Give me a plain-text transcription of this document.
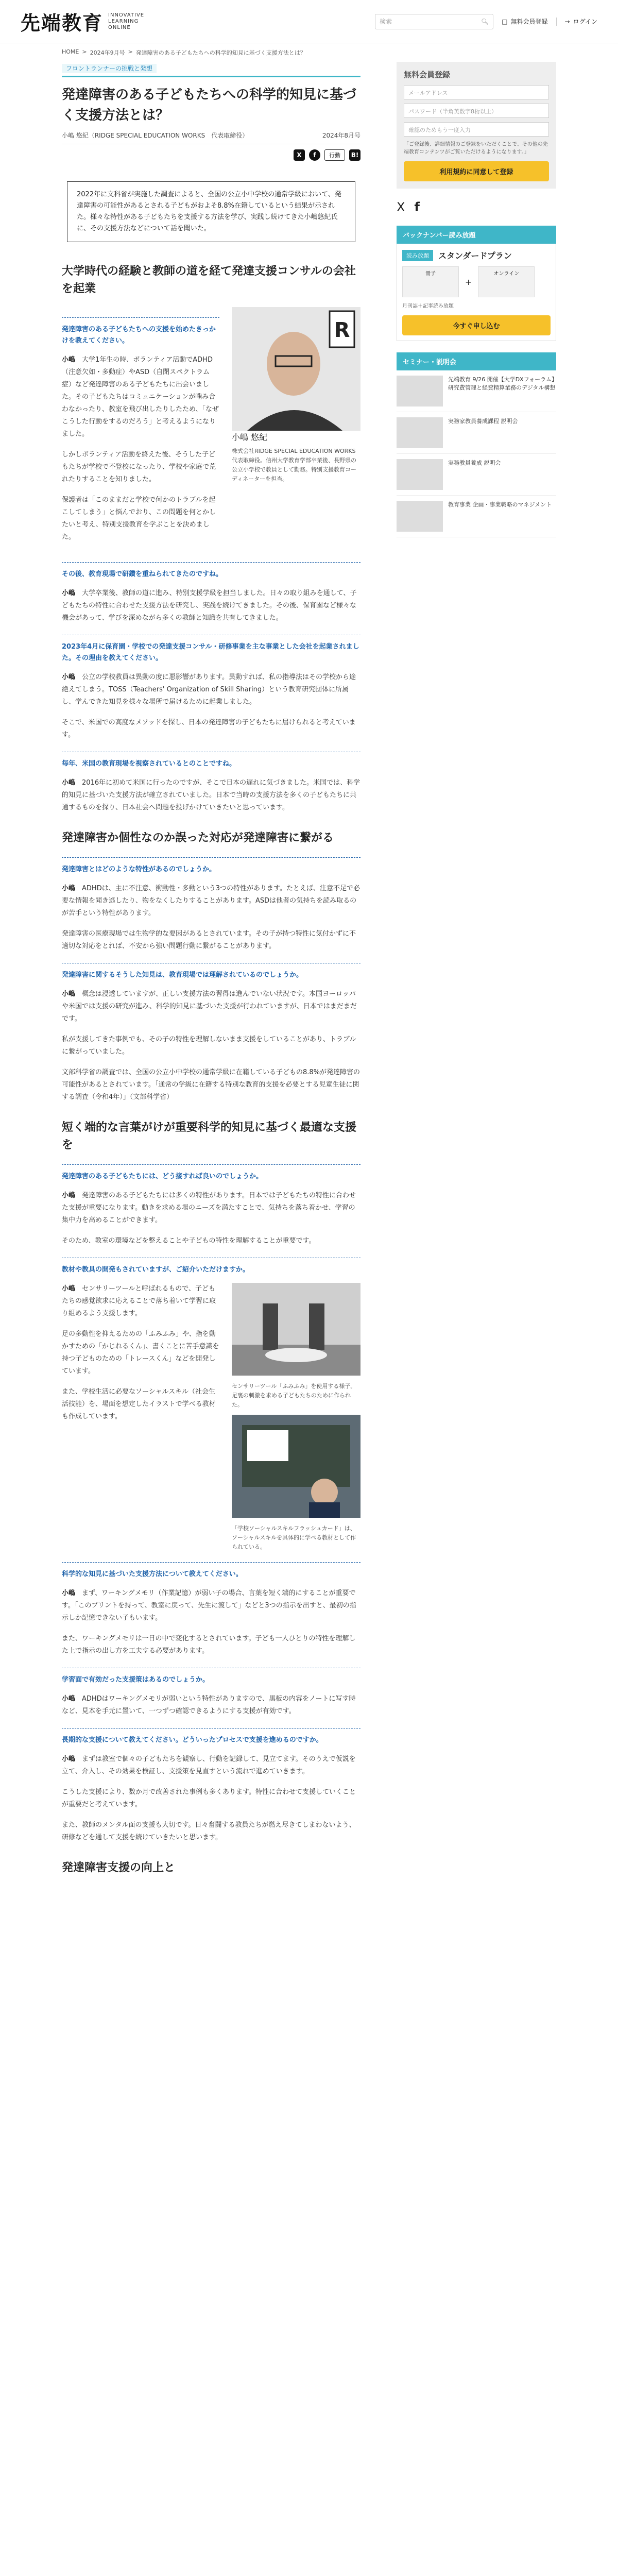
先端教育 INNOVATIVE
LEARNING
ONLINE
検索	🔍︎ □ 無料会員登録	→ ログイン
HOME > 2024年9月号 > 発達障害のある子どもたちへの科学的知見に基づく支援方法とは？
フロントランナーの挑戦と発想
発達障害のある子どもたちへの科学的知見に基づく支援方法とは？
小嶋 悠紀（RIDGE SPECIAL EDUCATION WORKS　代表取締役）	2024年8月号
X	f	行動	B!
2022年に文科省が実施した調査によると、全国の公立小中学校の通常学級において、発達障害の可能性があるとされる子どもがおよそ8.8%在籍しているという結果が示された。様々な特性がある子どもたちを支援する方法を学び、実践し続けてきた小嶋悠紀氏に、その支援方法などについて話を聞いた。
大学時代の経験と教師の道を経て発達支援コンサルの会社を起業
発達障害のある子どもたちへの支援を始めたきっかけを教えてください。

小嶋　 大学1年生の時、ボランティア活動でADHD（注意欠如・多動症）やASD（自閉スペクトラム症）など発達障害のある子どもたちに出会いました。その子どもたちはコミュニケーションが噛み合わなかったり、教室を飛び出したりしたため、「なぜこうした行動をするのだろう」と考えるようになりました。

しかしボランティア活動を終えた後、そうした子どもたちが学校で不登校になったり、学校や家庭で荒れたりすることを知りました。

保護者は「このままだと学校で何かのトラブルを起こしてしまう」と悩んでおり、この問題を何とかしたいと考え、特別支援教育を学ぶことを決めました。

R
小嶋 悠紀
株式会社RIDGE SPECIAL EDUCATION WORKS 代表取締役。信州大学教育学部卒業後、長野県の公立小学校で教員として勤務。特別支援教育コーディネーターを担当。
その後、教育現場で研鑽を重ねられてきたのですね。

小嶋　 大学卒業後、教師の道に進み、特別支援学級を担当しました。日々の取り組みを通して、子どもたちの特性に合わせた支援方法を研究し、実践を続けてきました。その後、保育園など様々な機会があって、学びを深めながら多くの教師と知識を共有してきました。

2023年4月に保育園・学校での発達支援コンサル・研修事業を主な事業とした会社を起業されました。その理由を教えてください。

小嶋　 公立の学校教員は異動の度に悪影響があります。異動すれば、私の指導法はその学校から途絶えてしまう。TOSS（Teachers' Organization of Skill Sharing）という教育研究団体に所属し、学んできた知見を様々な場所で届けるために起業しました。

そこで、米国での高度なメソッドを探し、日本の発達障害の子どもたちに届けられると考えています。

毎年、米国の教育現場を視察されているとのことですね。

小嶋　 2016年に初めて米国に行ったのですが、そこで日本の遅れに気づきました。米国では、科学的知見に基づいた支援方法が確立されていました。日本で当時の支援方法を多くの子どもたちに共通するものを探り、日本社会へ問題を投げかけていきたいと思っています。

発達障害か個性なのか誤った対応が発達障害に繋がる
発達障害とはどのような特性があるのでしょうか。

小嶋　 ADHDは、主に不注意、衝動性・多動という3つの特性があります。たとえば、注意不足で必要な情報を聞き逃したり、物をなくしたりすることがあります。ASDは他者の気持ちを読み取るのが苦手という特性があります。

発達障害の医療現場では生物学的な要因があるとされています。その子が持つ特性に気付かずに不適切な対応をとれば、不安から強い問題行動に繋がることがあります。

発達障害に関するそうした知見は、教育現場では理解されているのでしょうか。

小嶋　 概念は浸透していますが、正しい支援方法の習得は進んでいない状況です。本国ヨーロッパや米国では支援の研究が進み、科学的知見に基づいた支援が行われていますが、日本ではまだまだです。

私が支援してきた事例でも、その子の特性を理解しないまま支援をしていることがあり、トラブルに繋がっていました。

文部科学省の調査では、全国の公立小中学校の通常学級に在籍している子どもの8.8%が発達障害の可能性があるとされています。「通常の学級に在籍する特別な教育的支援を必要とする児童生徒に関する調査（令和4年）」（文部科学省）

短く端的な言葉がけが重要科学的知見に基づく最適な支援を
発達障害のある子どもたちには、どう接すれば良いのでしょうか。

小嶋　 発達障害のある子どもたちには多くの特性があります。日本では子どもたちの特性に合わせた支援が重要になります。動きを求める場のニーズを満たすことで、気持ちを落ち着かせ、学習の集中力を高めることができます。

そのため、教室の環境などを整えることや子どもの特性を理解することが重要です。

教材や教具の開発もされていますが、ご紹介いただけますか。

小嶋　 センサリーツールと呼ばれるもので、子どもたちの感覚欲求に応えることで落ち着いて学習に取り組めるよう支援します。

足の多動性を抑えるための「ふみふみ」や、指を動かすための「かじれるくん」、書くことに苦手意識を持つ子どものための「トレースくん」などを開発しています。

また、学校生活に必要なソーシャルスキル（社会生活技能）を、場面を想定したイラストで学べる教材も作成しています。

センサリーツール「ふみふみ」を使用する様子。足裏の刺激を求める子どもたちのために作られた。
「学校ソーシャルスキルフラッシュカード」は、ソーシャルスキルを具体的に学べる教材として作られている。
科学的な知見に基づいた支援方法について教えてください。

小嶋　 まず、ワーキングメモリ（作業記憶）が弱い子の場合、言葉を短く端的にすることが重要です。「このプリントを持って、教室に戻って、先生に渡して」などと3つの指示を出すと、最初の指示しか記憶できない子もいます。

また、ワーキングメモリは一日の中で変化するとされています。子ども一人ひとりの特性を理解した上で指示の出し方を工夫する必要があります。

学習面で有効だった支援策はあるのでしょうか。

小嶋　 ADHDはワーキングメモリが弱いという特性がありますので、黒板の内容をノートに写す時など、見本を手元に置いて、一つずつ確認できるようにする支援が有効です。

長期的な支援について教えてください。どういったプロセスで支援を進めるのですか。

小嶋　 まずは教室で個々の子どもたちを観察し、行動を記録して、見立てます。そのうえで仮説を立て、介入し、その効果を検証し、支援策を見直すという流れで進めていきます。

こうした支援により、数か月で改善された事例も多くあります。特性に合わせて支援していくことが重要だと考えています。

また、教師のメンタル面の支援も大切です。日々奮闘する教員たちが燃え尽きてしまわないよう、研修などを通して支援を続けていきたいと思います。

発達障害支援の向上と
無料会員登録
メールアドレス
パスワード（半角英数字8桁以上）
確認のためもう一度入力
「ご登録後、詳細情報のご登録をいただくことで、その他の先端教育コンテンツがご覧いただけるようになります。」
利用規約に同意して登録
X f
バックナンバー読み放題
読み放題	スタンダードプラン
冊子
+
オンライン
月刊誌＋記事読み放題
今すぐ申し込む
セミナー・説明会
先端教育 9/26 開催【大学DXフォーラム】研究費管理と経費精算業務のデジタル構想
実務家教員養成課程 説明会
実務教員養成 説明会
教育事業 企画・事業戦略のマネジメント
